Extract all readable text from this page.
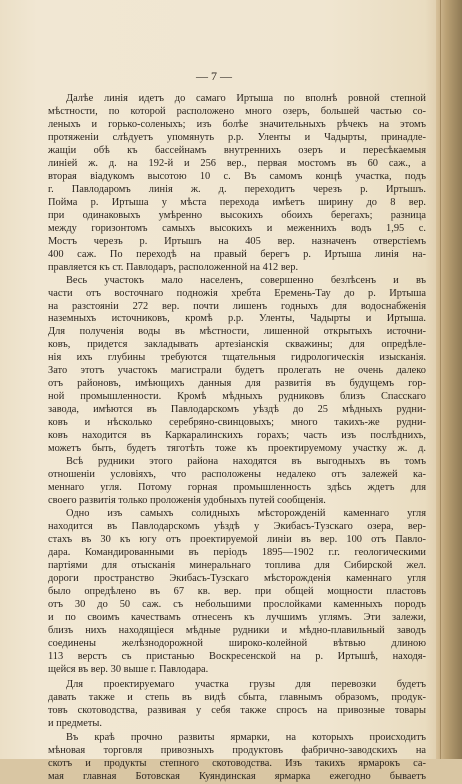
— 7 —
Далѣе линія идетъ до самаго Иртыша по вполнѣ ровной степной
мѣстности, по которой расположено много озеръ, большей частью со-
леныхъ и горько-соленыхъ; изъ болѣе значительныхъ рѣчекъ на этомъ
протяженіи слѣдуетъ упомянуть р.р. Уленты и Чадырты, принадле-
жащіи обѣ къ бассейнамъ внутреннихъ озеръ и пересѣкаемыя
линіей ж. д. на 192-й и 256 вер., первая мостомъ въ 60 саж., а
вторая віадукомъ высотою 10 с. Въ самомъ концѣ участка, подъ
г. Павлодаромъ линія ж. д. переходитъ черезъ р. Иртышъ.
Пойма р. Иртыша у мѣста перехода имѣетъ ширину до 8 вер.
при одинаковыхъ умѣренно высокихъ обоихъ берегахъ; разница
между горизонтомъ самыхъ высокихъ и меженнихъ водъ 1,95 с.
Мостъ черезъ р. Иртышъ на 405 вер. назначенъ отверстіемъ
400 саж. По переходѣ на правый берегъ р. Иртыша линія на-
правляется къ ст. Павлодаръ, расположенной на 412 вер.
Весь участокъ мало населенъ, совершенно безлѣсенъ и въ
части отъ восточнаго подножія хребта Еремень-Тау до р. Иртыша
на разстояніи 272 вер. почти лишенъ годныхъ для водоснабженія
наземныхъ источниковъ, кромѣ р.р. Уленты, Чадырты и Иртыша.
Для полученія воды въ мѣстности, лишенной открытыхъ источни-
ковъ, придется закладывать артезіанскія скважины; для опредѣле-
нія ихъ глубины требуются тщательныя гидрологическія изысканія.
Зато этотъ участокъ магистрали будетъ пролегать не очень далеко
отъ районовъ, имѣющихъ данныя для развитія въ будущемъ гор-
ной промышленности. Кромѣ мѣдныхъ рудниковъ близъ Спасскаго
завода, имѣются въ Павлодарскомъ уѣздѣ до 25 мѣдныхъ рудни-
ковъ и нѣсколько серебряно-свинцовыхъ; много такихъ-же рудни-
ковъ находится въ Каркаралинскихъ горахъ; часть изъ послѣднихъ,
можетъ быть, будетъ тяготѣть тоже къ проектируемому участку ж. д.
Всѣ рудники этого района находятся въ выгодныхъ въ томъ
отношеніи условіяхъ, что расположены недалеко отъ залежей ка-
меннаго угля. Потому горная промышленность здѣсь ждетъ для
своего развитія только проложенія удобныхъ путей сообщенія.
Одно изъ самыхъ солидныхъ мѣсторожденій каменнаго угля
находится въ Павлодарскомъ уѣздѣ у Экибасъ-Тузскаго озера, вер-
стахъ въ 30 къ югу отъ проектируемой линіи въ вер. 100 отъ Павло-
дара. Командированными въ періодъ 1895—1902 г.г. геологическими
партіями для отысканія минеральнаго топлива для Сибирской жел.
дороги пространство Экибасъ-Тузскаго мѣсторожденія каменнаго угля
было опредѣлено въ 67 кв. вер. при общей мощности пластовъ
отъ 30 до 50 саж. съ небольшими прослойками каменныхъ породъ
и по своимъ качествамъ отнесенъ къ лучшимъ углямъ. Эти залежи,
близъ нихъ находящіеся мѣдные рудники и мѣдно-плавильный заводъ
соединены желѣзнодорожной широко-колейной вѣтвью длиною
113 верстъ съ пристанью Воскресенской на р. Иртышѣ, находя-
щейся въ вер. 30 выше г. Павлодара.
Для проектируемаго участка грузы для перевозки будетъ
давать также и степь въ видѣ сбыта, главнымъ образомъ, продук-
товъ скотоводства, развивая у себя также спросъ на привозные товары
и предметы.
Въ краѣ прочно развиты ярмарки, на которыхъ происходитъ
мѣновая торговля привозныхъ продуктовъ фабрично-заводскихъ на
скотъ и продукты степного скотоводства. Изъ такихъ ярмарокъ са-
мая главная Ботовская Куяндинская ярмарка ежегодно бываетъ
